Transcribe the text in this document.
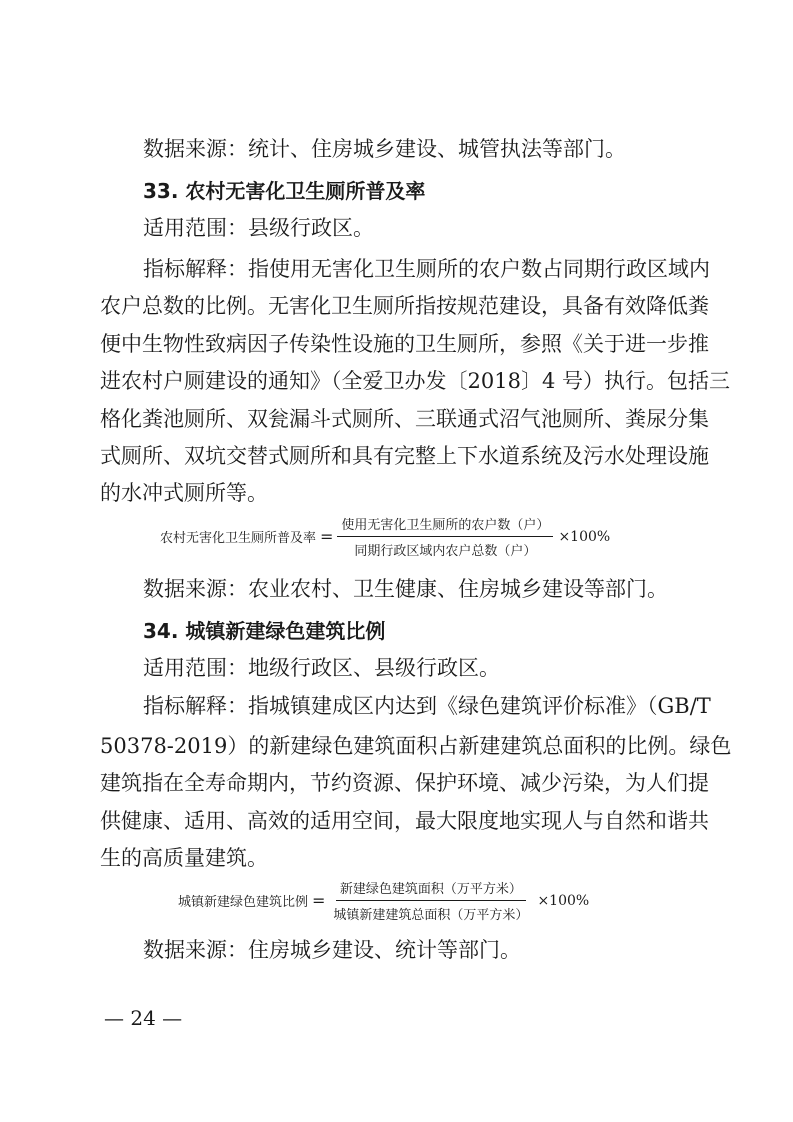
数据来源：统计、住房城乡建设、城管执法等部门。
33. 农村无害化卫生厕所普及率
适用范围：县级行政区。
指标解释：指使用无害化卫生厕所的农户数占同期行政区域内
农户总数的比例。无害化卫生厕所指按规范建设，具备有效降低粪
便中生物性致病因子传染性设施的卫生厕所，参照《关于进一步推
进农村户厕建设的通知》（全爱卫办发〔2018〕4 号）执行。包括三
格化粪池厕所、双瓮漏斗式厕所、三联通式沼气池厕所、粪尿分集
式厕所、双坑交替式厕所和具有完整上下水道系统及污水处理设施
的水冲式厕所等。
农村无害化卫生厕所普及率 = $\frac{\text{使用无害化卫生厕所的农户数（户）}}{\text{同期行政区域内农户总数（户）}} \times 100\%$
数据来源：农业农村、卫生健康、住房城乡建设等部门。
34. 城镇新建绿色建筑比例
适用范围：地级行政区、县级行政区。
指标解释：指城镇建成区内达到《绿色建筑评价标准》（GB/T
50378-2019）的新建绿色建筑面积占新建建筑总面积的比例。绿色
建筑指在全寿命期内，节约资源、保护环境、减少污染，为人们提
供健康、适用、高效的适用空间，最大限度地实现人与自然和谐共
生的高质量建筑。
城镇新建绿色建筑比例 = $\frac{\text{新建绿色建筑面积（万平方米）}}{\text{城镇新建建筑总面积（万平方米）}} \times 100\%$
数据来源：住房城乡建设、统计等部门。
— 24 —
